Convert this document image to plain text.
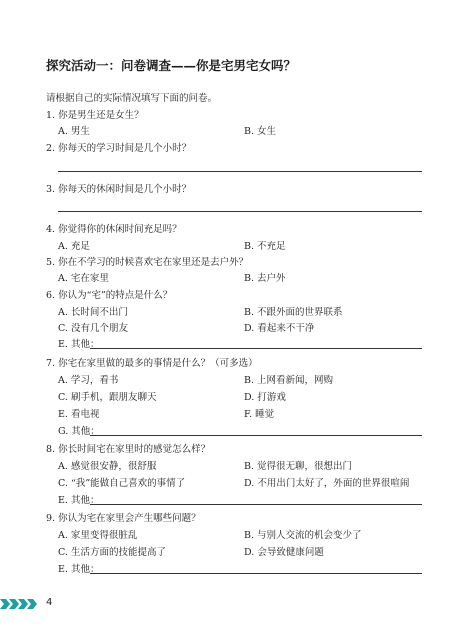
探究活动一：问卷调查——你是宅男宅女吗？
请根据自己的实际情况填写下面的问卷。
1. 你是男生还是女生？
A. 男生	B. 女生
2. 你每天的学习时间是几个小时？
3. 你每天的休闲时间是几个小时？
4. 你觉得你的休闲时间充足吗？
A. 充足	B. 不充足
5. 你在不学习的时候喜欢宅在家里还是去户外？
A. 宅在家里	B. 去户外
6. 你认为“宅”的特点是什么？
A. 长时间不出门	B. 不跟外面的世界联系
C. 没有几个朋友	D. 看起来不干净
E. 其他：
7. 你宅在家里做的最多的事情是什么？（可多选）
A. 学习，看书	B. 上网看新闻，网购
C. 刷手机，跟朋友聊天	D. 打游戏
E. 看电视	F. 睡觉
G. 其他：
8. 你长时间宅在家里时的感觉怎么样？
A. 感觉很安静，很舒服	B. 觉得很无聊，很想出门
C. “我”能做自己喜欢的事情了	D. 不用出门太好了，外面的世界很喧闹
E. 其他：
9. 你认为宅在家里会产生哪些问题？
A. 家里变得很脏乱	B. 与别人交流的机会变少了
C. 生活方面的技能提高了	D. 会导致健康问题
E. 其他：
4
